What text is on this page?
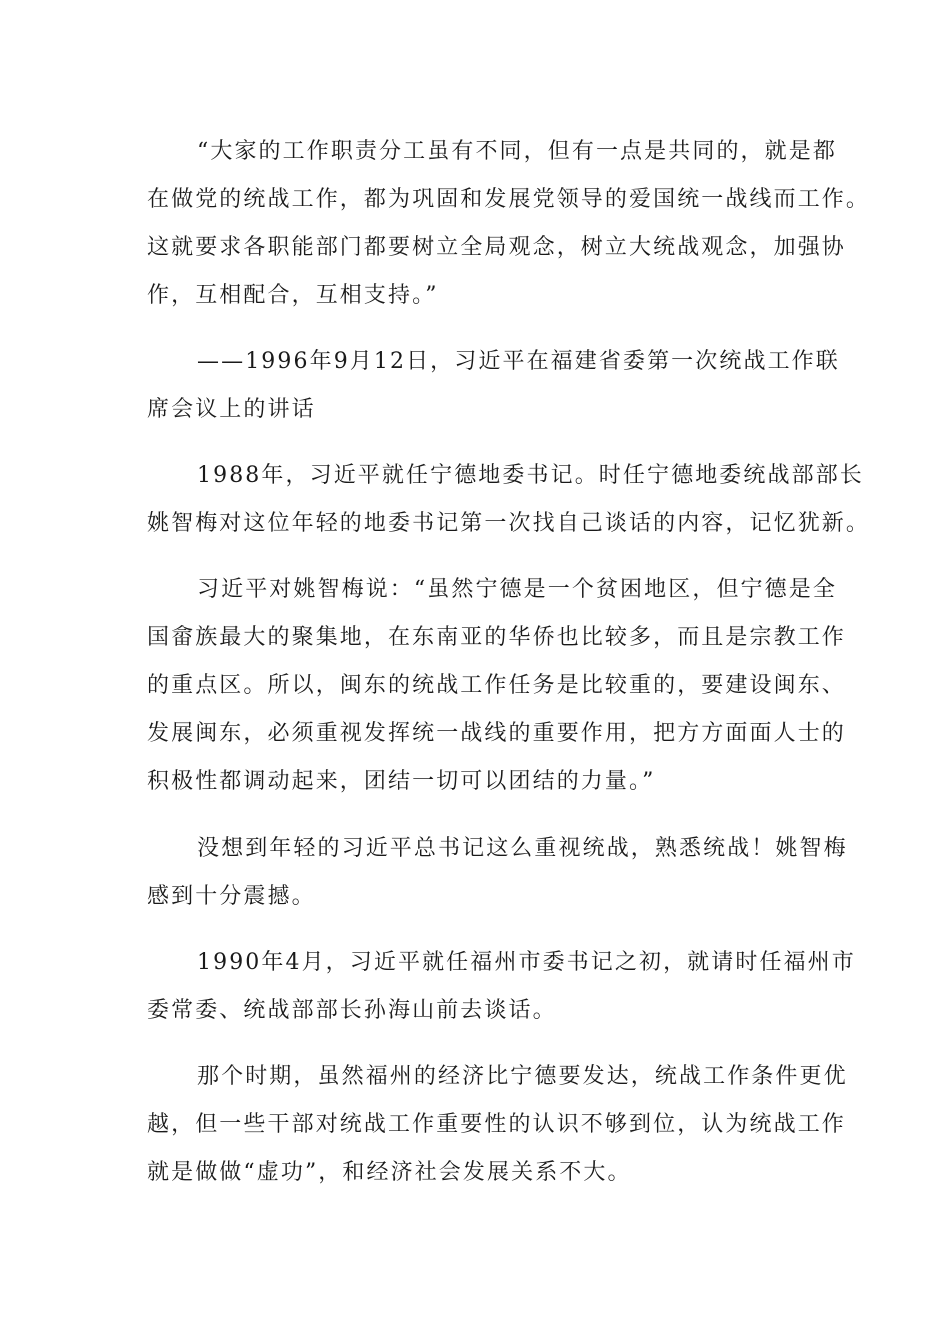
“大家的工作职责分工虽有不同，但有一点是共同的，就是都

在做党的统战工作，都为巩固和发展党领导的爱国统一战线而工作。

这就要求各职能部门都要树立全局观念，树立大统战观念，加强协

作，互相配合，互相支持。”

——1996年9月12日，习近平在福建省委第一次统战工作联

席会议上的讲话

1988年，习近平就任宁德地委书记。时任宁德地委统战部部长

姚智梅对这位年轻的地委书记第一次找自己谈话的内容，记忆犹新。

习近平对姚智梅说：“虽然宁德是一个贫困地区，但宁德是全

国畲族最大的聚集地，在东南亚的华侨也比较多，而且是宗教工作

的重点区。所以，闽东的统战工作任务是比较重的，要建设闽东、

发展闽东，必须重视发挥统一战线的重要作用，把方方面面人士的

积极性都调动起来，团结一切可以团结的力量。”

没想到年轻的习近平总书记这么重视统战，熟悉统战！姚智梅

感到十分震撼。

1990年4月，习近平就任福州市委书记之初，就请时任福州市

委常委、统战部部长孙海山前去谈话。

那个时期，虽然福州的经济比宁德要发达，统战工作条件更优

越，但一些干部对统战工作重要性的认识不够到位，认为统战工作

就是做做“虚功”，和经济社会发展关系不大。
